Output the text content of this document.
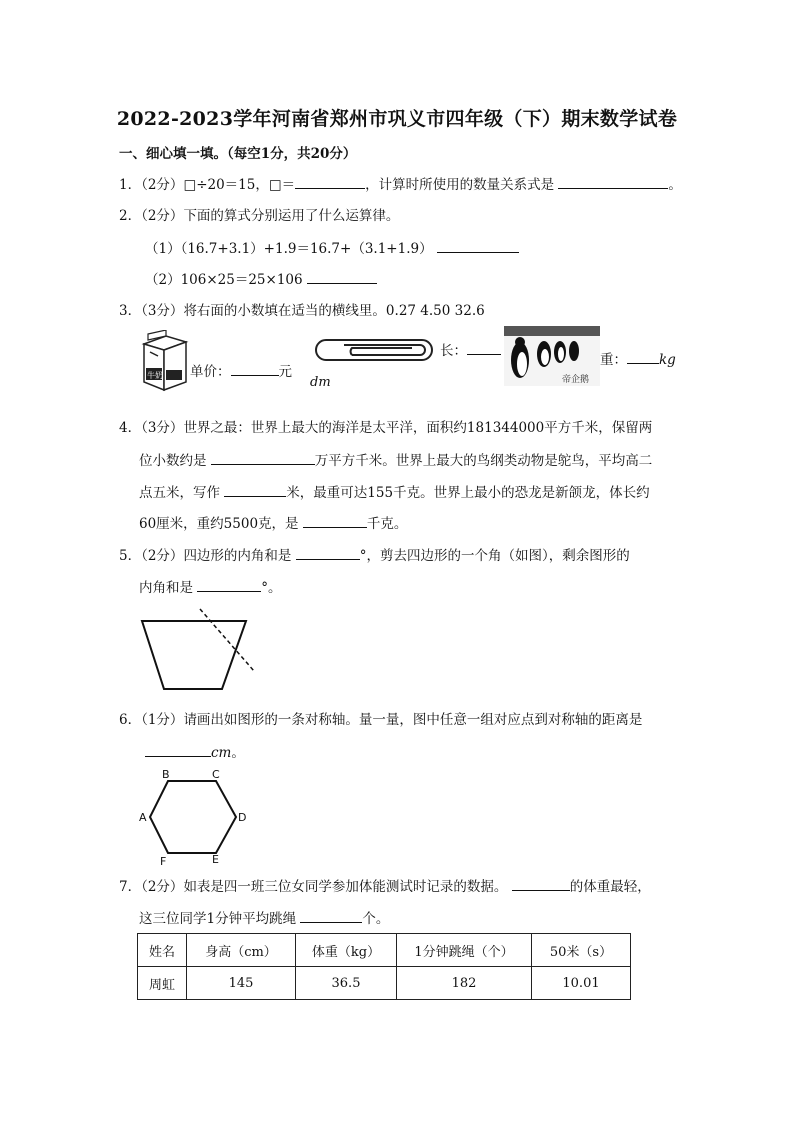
2022-2023学年河南省郑州市巩义市四年级（下）期末数学试卷
一、细心填一填。（每空1分，共20分）
1．（2分）□÷20＝15，□＝	，计算时所使用的数量关系式是	。
2．（2分）下面的算式分别运用了什么运算律。
（1）（16.7+3.1）+1.9＝16.7+（3.1+1.9）
（2）106×25＝25×106
3．（3分）将右面的小数填在适当的横线里。0.27 4.50 32.6
牛奶 单价：	元
dm
长：
帝企鹅
重： kg
4．（3分）世界之最：世界上最大的海洋是太平洋，面积约181344000平方千米，保留两
位小数约是	万平方千米。世界上最大的鸟纲类动物是鸵鸟，平均高二
点五米，写作	米，最重可达155千克。世界上最小的恐龙是新颌龙，体长约
60厘米，重约5500克，是	千克。
5．（2分）四边形的内角和是	°，剪去四边形的一个角（如图），剩余图形的
内角和是	°。
6．（1分）请画出如图形的一条对称轴。量一量，图中任意一组对应点到对称轴的距离是
cm。
B	C
A	D
F	E
7．（2分）如表是四一班三位女同学参加体能测试时记录的数据。	的体重最轻，
这三位同学1分钟平均跳绳	个。
姓名	身高（cm）	体重（kg）	1分钟跳绳（个）	50米（s）
周虹	145	36.5	182	10.01
